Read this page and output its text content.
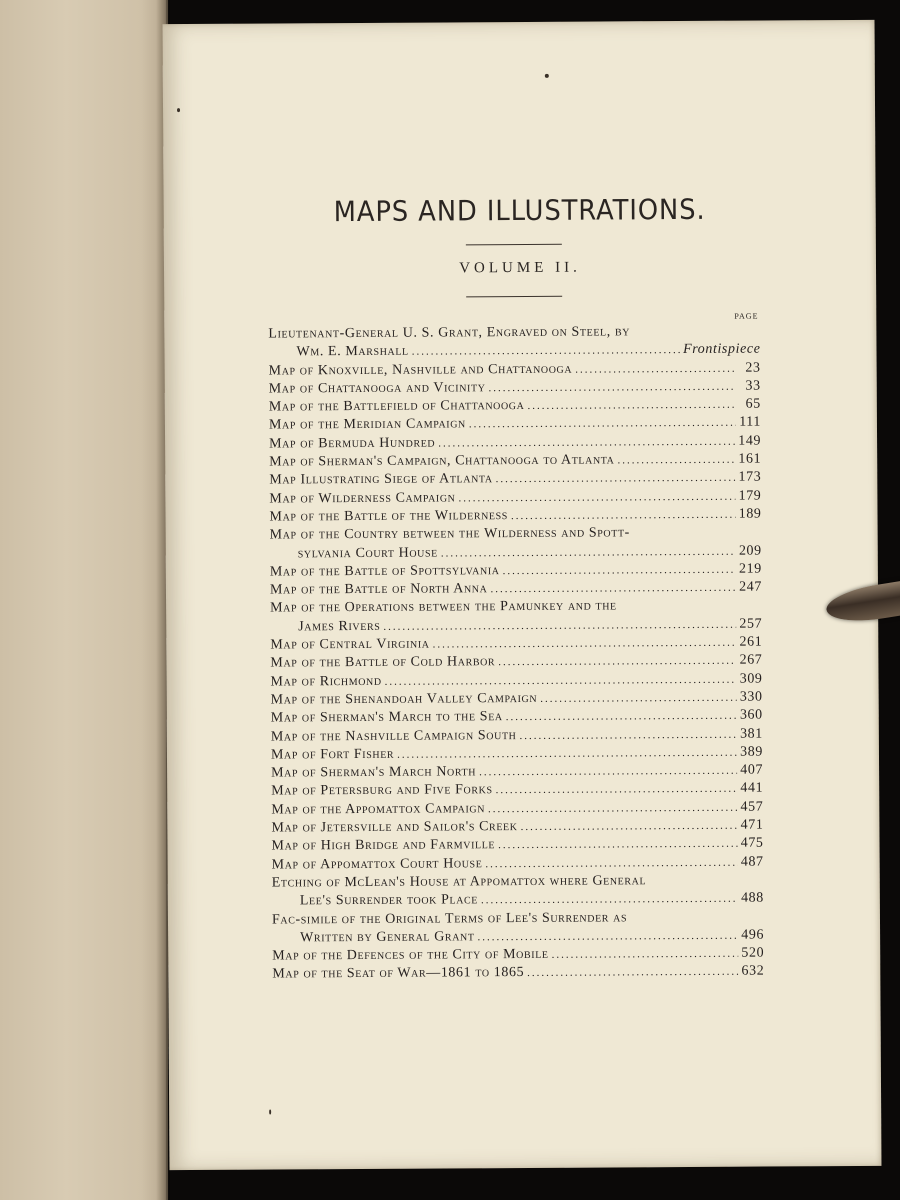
MAPS AND ILLUSTRATIONS.
VOLUME II.
PAGE
Lieutenant-General U. S. Grant, Engraved on Steel, by
Wm. E. Marshall .....	Frontispiece
Map of Knoxville, Nashville and Chattanooga .....	23
Map of Chattanooga and Vicinity .....	33
Map of the Battlefield of Chattanooga .....	65
Map of the Meridian Campaign .....	111
Map of Bermuda Hundred .....	149
Map of Sherman's Campaign, Chattanooga to Atlanta .....	161
Map Illustrating Siege of Atlanta .....	173
Map of Wilderness Campaign .....	179
Map of the Battle of the Wilderness .....	189
Map of the Country between the Wilderness and Spott-
sylvania Court House .....	209
Map of the Battle of Spottsylvania .....	219
Map of the Battle of North Anna .....	247
Map of the Operations between the Pamunkey and the
James Rivers .....	257
Map of Central Virginia .....	261
Map of the Battle of Cold Harbor .....	267
Map of Richmond .....	309
Map of the Shenandoah Valley Campaign .....	330
Map of Sherman's March to the Sea .....	360
Map of the Nashville Campaign South .....	381
Map of Fort Fisher .....	389
Map of Sherman's March North .....	407
Map of Petersburg and Five Forks .....	441
Map of the Appomattox Campaign .....	457
Map of Jetersville and Sailor's Creek .....	471
Map of High Bridge and Farmville .....	475
Map of Appomattox Court House .....	487
Etching of McLean's House at Appomattox where General
Lee's Surrender took Place .....	488
Fac-simile of the Original Terms of Lee's Surrender as
Written by General Grant .....	496
Map of the Defences of the City of Mobile .....	520
Map of the Seat of War—1861 to 1865 .....	632
